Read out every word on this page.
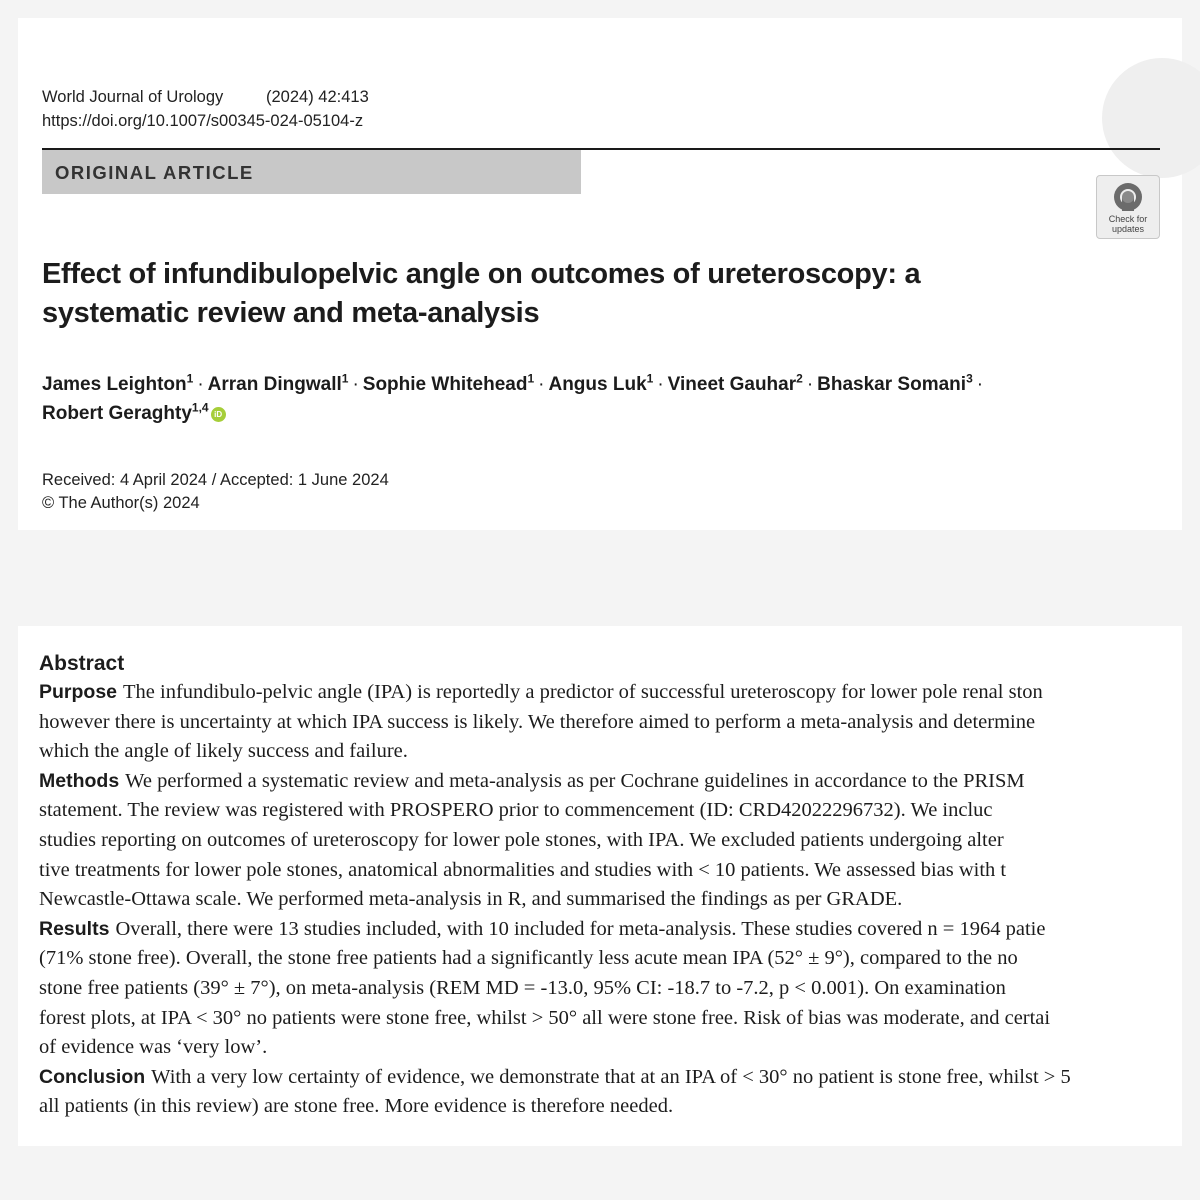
World Journal of Urology	(2024) 42:413
https://doi.org/10.1007/s00345-024-05104-z
ORIGINAL ARTICLE
Check for
updates
Effect of infundibulopelvic angle on outcomes of ureteroscopy: a
systematic review and meta-analysis
James Leighton$^1$ · Arran Dingwall$^1$ · Sophie Whitehead$^1$ · Angus Luk$^1$ · Vineet Gauhar$^2$ · Bhaskar Somani$^3$ ·
Robert Geraghty$^{1,4}$ iD
Received: 4 April 2024 / Accepted: 1 June 2024
© The Author(s) 2024
Abstract
Purpose The infundibulo-pelvic angle (IPA) is reportedly a predictor of successful ureteroscopy for lower pole renal ston
however there is uncertainty at which IPA success is likely. We therefore aimed to perform a meta-analysis and determine
which the angle of likely success and failure.
Methods We performed a systematic review and meta-analysis as per Cochrane guidelines in accordance to the PRISM
statement. The review was registered with PROSPERO prior to commencement (ID: CRD42022296732). We incluc
studies reporting on outcomes of ureteroscopy for lower pole stones, with IPA. We excluded patients undergoing alter
tive treatments for lower pole stones, anatomical abnormalities and studies with < 10 patients. We assessed bias with t
Newcastle-Ottawa scale. We performed meta-analysis in R, and summarised the findings as per GRADE.
Results Overall, there were 13 studies included, with 10 included for meta-analysis. These studies covered n = 1964 patie
(71% stone free). Overall, the stone free patients had a significantly less acute mean IPA (52° ± 9°), compared to the no
stone free patients (39° ± 7°), on meta-analysis (REM MD = -13.0, 95% CI: -18.7 to -7.2, p < 0.001). On examination
forest plots, at IPA < 30° no patients were stone free, whilst > 50° all were stone free. Risk of bias was moderate, and certai
of evidence was ‘very low’.
Conclusion With a very low certainty of evidence, we demonstrate that at an IPA of < 30° no patient is stone free, whilst > 5
all patients (in this review) are stone free. More evidence is therefore needed.
